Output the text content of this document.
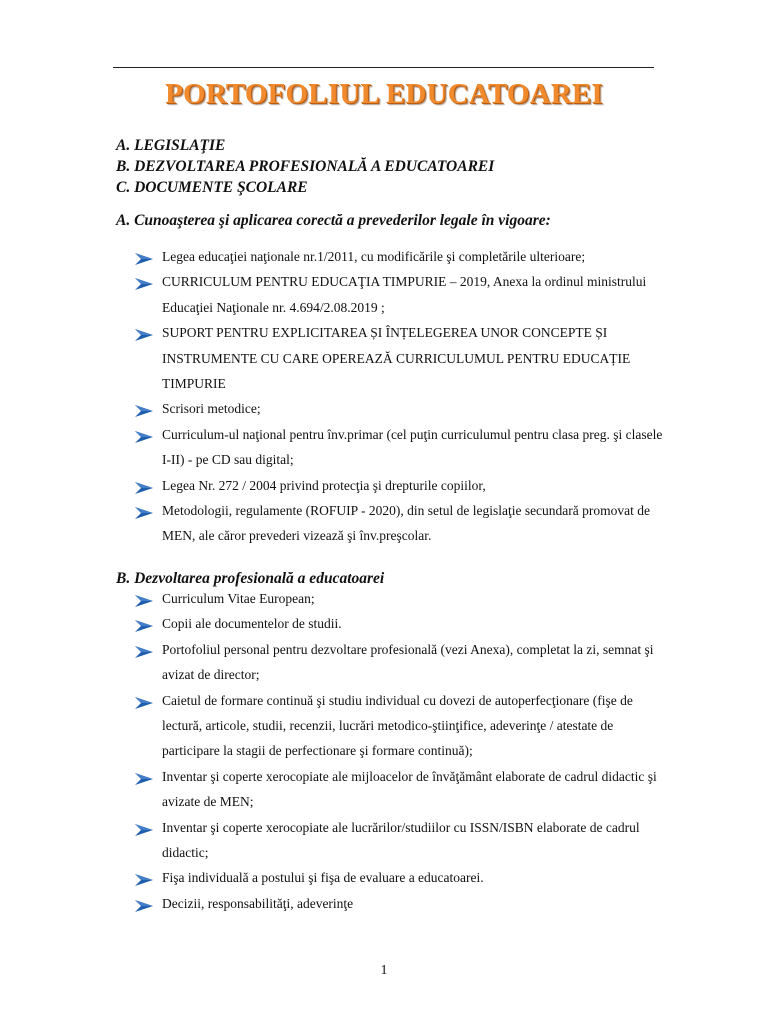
PORTOFOLIUL EDUCATOAREI
A. LEGISLAŢIE
B. DEZVOLTAREA PROFESIONALĂ A EDUCATOAREI
C. DOCUMENTE ŞCOLARE
A. Cunoaşterea şi aplicarea corectă a prevederilor legale în vigoare:
Legea educaţiei naţionale nr.1/2011, cu modificările şi completările ulterioare;
CURRICULUM PENTRU EDUCAŢIA TIMPURIE – 2019, Anexa la ordinul ministrului Educaţiei Naţionale nr. 4.694/2.08.2019 ;
SUPORT PENTRU EXPLICITAREA ȘI ÎNȚELEGEREA UNOR CONCEPTE ȘI INSTRUMENTE CU CARE OPEREAZĂ CURRICULUMUL PENTRU EDUCAȚIE TIMPURIE
Scrisori metodice;
Curriculum-ul naţional pentru înv.primar (cel puţin curriculumul pentru clasa preg. şi clasele I-II) - pe CD sau digital;
Legea Nr. 272 / 2004 privind protecţia şi drepturile copiilor,
Metodologii, regulamente (ROFUIP - 2020), din setul de legislaţie secundară promovat de MEN, ale căror prevederi vizează şi înv.preşcolar.
B. Dezvoltarea profesională a educatoarei
Curriculum Vitae European;
Copii ale documentelor de studii.
Portofoliul personal pentru dezvoltare profesională (vezi Anexa), completat la zi, semnat şi avizat de director;
Caietul de formare continuă şi studiu individual cu dovezi de autoperfecţionare (fişe de lectură, articole, studii, recenzii, lucrări metodico-ştiinţifice, adeverinţe / atestate de participare la stagii de perfectionare şi formare continuă);
Inventar şi coperte xerocopiate ale mijloacelor de învăţământ elaborate de cadrul didactic şi avizate de MEN;
Inventar şi coperte xerocopiate ale lucrărilor/studiilor cu ISSN/ISBN elaborate de cadrul didactic;
Fişa individuală a postului şi fişa de evaluare a educatoarei.
Decizii, responsabilităţi, adeverinţe
1
